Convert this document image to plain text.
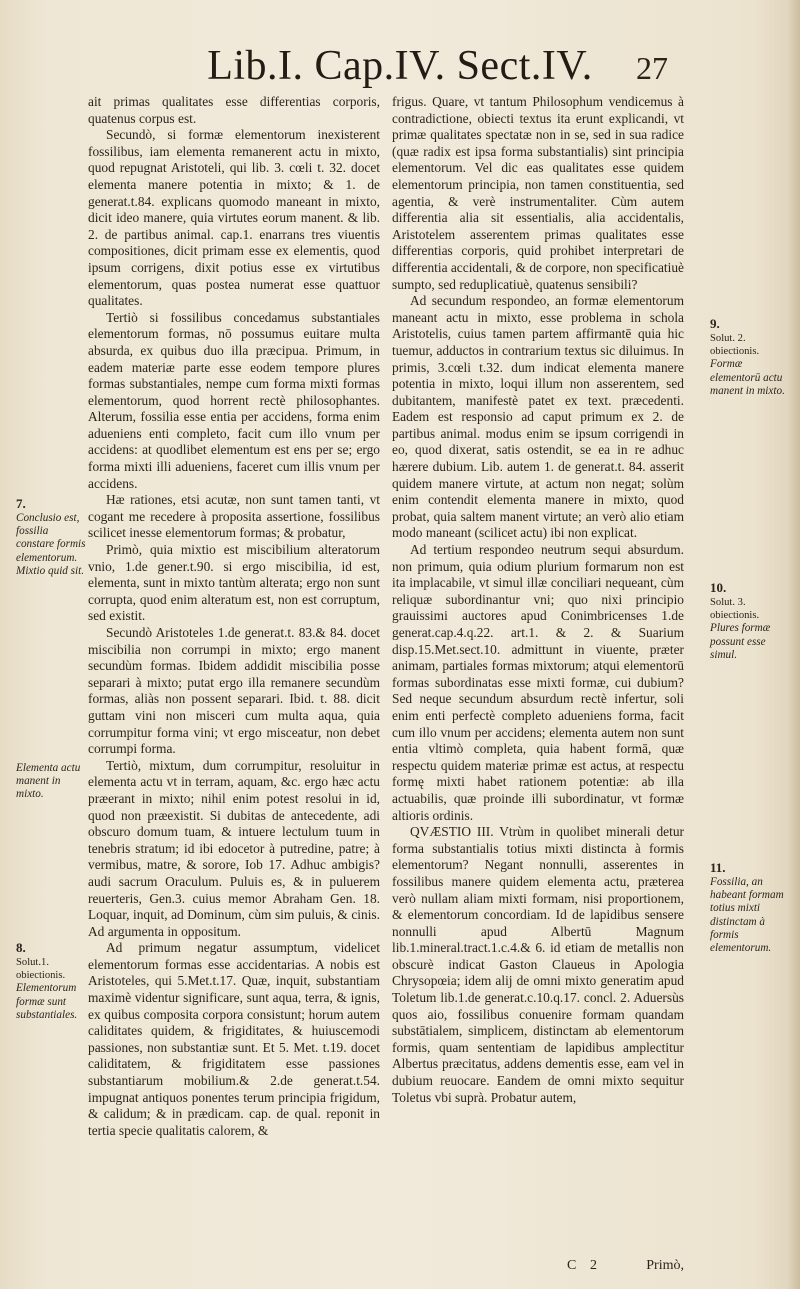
Lib.I. Cap.IV. Sect.IV.	27

ait primas qualitates esse differentias corporis, quatenus corpus est.

Secundò, si formæ elementorum inexisterent fossilibus, iam elementa remanerent actu in mixto, quod repugnat Aristoteli, qui lib. 3. cœli t. 32. docet elementa manere potentia in mixto; & 1. de generat.t.84. explicans quomodo maneant in mixto, dicit ideo manere, quia virtutes eorum manent. & lib. 2. de partibus animal. cap.1. enarrans tres viuentis compositiones, dicit primam esse ex elementis, quod ipsum corrigens, dixit potius esse ex virtutibus elementorum, quas postea numerat esse quattuor qualitates.

Tertiò si fossilibus concedamus substantiales elementorum formas, nō possumus euitare multa absurda, ex quibus duo illa præcipua. Primum, in eadem materiæ parte esse eodem tempore plures formas substantiales, nempe cum forma mixti formas elementorum, quod horrent rectè philosophantes. Alterum, fossilia esse entia per accidens, forma enim adueniens enti completo, facit cum illo vnum per accidens: at quodlibet elementum est ens per se; ergo forma mixti illi adueniens, faceret cum illis vnum per accidens.

Hæ rationes, etsi acutæ, non sunt tamen tanti, vt cogant me recedere à proposita assertione, fossilibus scilicet inesse elementorum formas; & probatur,

Primò, quia mixtio est miscibilium alteratorum vnio, 1.de gener.t.90. si ergo miscibilia, id est, elementa, sunt in mixto tantùm alterata; ergo non sunt corrupta, quod enim alteratum est, non est corruptum, sed existit.

Secundò Aristoteles 1.de generat.t. 83.& 84. docet miscibilia non corrumpi in mixto; ergo manent secundùm formas. Ibidem addidit miscibilia posse separari à mixto; putat ergo illa remanere secundùm formas, aliàs non possent separari. Ibid. t. 88. dicit guttam vini non misceri cum multa aqua, quia corrumpitur forma vini; vt ergo misceatur, non debet corrumpi forma.

Tertiò, mixtum, dum corrumpitur, resoluitur in elementa actu vt in terram, aquam, &c. ergo hæc actu præerant in mixto; nihil enim potest resolui in id, quod non præexistit. Si dubitas de antecedente, adi obscuro domum tuam, & intuere lectulum tuum in tenebris stratum; id ibi edocetor à putredine, patre; à vermibus, matre, & sorore, Iob 17. Adhuc ambigis? audi sacrum Oraculum. Puluis es, & in puluerem reuerteris, Gen.3. cuius memor Abraham Gen. 18. Loquar, inquit, ad Dominum, cùm sim puluis, & cinis. Ad argumenta in oppositum.

Ad primum negatur assumptum, videlicet elementorum formas esse accidentarias. A nobis est Aristoteles, qui 5.Met.t.17. Quæ, inquit, substantiam maximè videntur significare, sunt aqua, terra, & ignis, ex quibus composita corpora consistunt; horum autem caliditates quidem, & frigiditates, & huiuscemodi passiones, non substantiæ sunt. Et 5. Met. t.19. docet caliditatem, & frigiditatem esse passiones substantiarum mobilium.& 2.de generat.t.54. impugnat antiquos ponentes terum principia frigidum, & calidum; & in prædicam. cap. de qual. reponit in tertia specie qualitatis calorem, &

frigus. Quare, vt tantum Philosophum vendicemus à contradictione, obiecti textus ita erunt explicandi, vt primæ qualitates spectatæ non in se, sed in sua radice (quæ radix est ipsa forma substantialis) sint principia elementorum. Vel dic eas qualitates esse quidem elementorum principia, non tamen constituentia, sed agentia, & verè instrumentaliter. Cùm autem differentia alia sit essentialis, alia accidentalis, Aristotelem asserentem primas qualitates esse differentias corporis, quid prohibet interpretari de differentia accidentali, & de corpore, non specificatiuè sumpto, sed reduplicatiuè, quatenus sensibili?

Ad secundum respondeo, an formæ elementorum maneant actu in mixto, esse problema in schola Aristotelis, cuius tamen partem affirmantē quia hic tuemur, adductos in contrarium textus sic diluimus. In primis, 3.cœli t.32. dum indicat elementa manere potentia in mixto, loqui illum non asserentem, sed dubitantem, manifestè patet ex text. præcedenti. Eadem est responsio ad caput primum ex 2. de partibus animal. modus enim se ipsum corrigendi in eo, quod dixerat, satis ostendit, se ea in re adhuc hærere dubium. Lib. autem 1. de generat.t. 84. asserit quidem manere virtute, at actum non negat; solùm enim contendit elementa manere in mixto, quod probat, quia saltem manent virtute; an verò alio etiam modo maneant (scilicet actu) ibi non explicat.

Ad tertium respondeo neutrum sequi absurdum. non primum, quia odium plurium formarum non est ita implacabile, vt simul illæ conciliari nequeant, cùm reliquæ subordinantur vni; quo nixi principio grauissimi auctores apud Conimbricenses 1.de generat.cap.4.q.22. art.1. & 2. & Suarium disp.15.Met.sect.10. admittunt in viuente, præter animam, partiales formas mixtorum; atqui elementorū formas subordinatas esse mixti formæ, cui dubium? Sed neque secundum absurdum rectè infertur, soli enim enti perfectè completo adueniens forma, facit cum illo vnum per accidens; elementa autem non sunt entia vltimò completa, quia habent formā, quæ respectu quidem materiæ primæ est actus, at respectu formę mixti habet rationem potentiæ: ab illa actuabilis, quæ proinde illi subordinatur, vt formæ altioris ordinis.

QVÆSTIO III. Vtrùm in quolibet minerali detur forma substantialis totius mixti distincta à formis elementorum? Negant nonnulli, asserentes in fossilibus manere quidem elementa actu, præterea verò nullam aliam mixti formam, nisi proportionem, & elementorum concordiam. Id de lapidibus sensere nonnulli apud Albertū Magnum lib.1.mineral.tract.1.c.4.& 6. id etiam de metallis non obscurè indicat Gaston Claueus in Apologia Chrysopœia; idem alij de omni mixto generatim apud Toletum lib.1.de generat.c.10.q.17. concl. 2. Aduersùs quos aio, fossilibus conuenire formam quandam substātialem, simplicem, distinctam ab elementorum formis, quam sententiam de lapidibus amplectitur Albertus præcitatus, addens dementis esse, eam vel in dubium reuocare. Eandem de omni mixto sequitur Toletus vbi suprà. Probatur autem,

C 2	Primò,
7.
Conclusio est, fossilia constare formis elementorum. Mixtio quid sit.
Elementa actu manent in mixto.
8.
Solut.1. obiectionis.
Elementorum formæ sunt substantiales.
9.
Solut. 2. obiectionis.
Formæ elementorū actu manent in mixto.
10.
Solut. 3. obiectionis.
Plures formæ possunt esse simul.
11.
Fossilia, an habeant formam totius mixti distinctam à formis elementorum.
